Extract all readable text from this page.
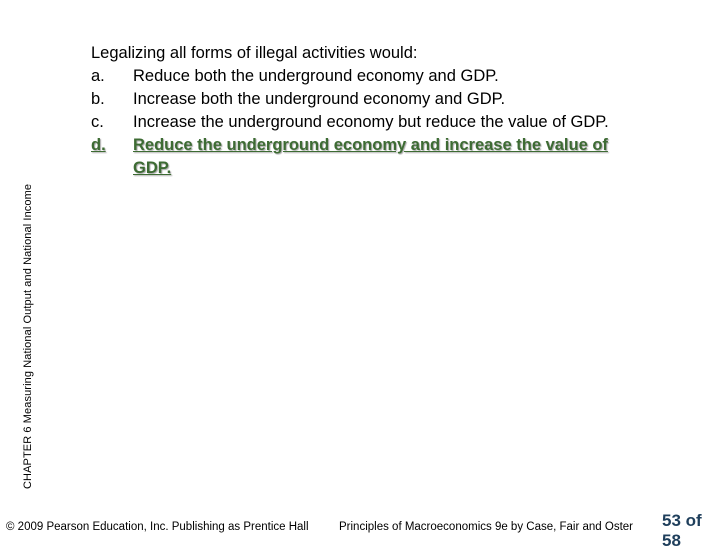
CHAPTER 6 Measuring National Output and National Income

Legalizing all forms of illegal activities would:

a.	Reduce both the underground economy and GDP.
b.	Increase both the underground economy and GDP.
c.	Increase the underground economy but reduce the value of GDP.
d.	Reduce the underground economy and increase the value of GDP.
© 2009 Pearson Education, Inc. Publishing as Prentice Hall	Principles of Macroeconomics 9e by Case, Fair and Oster 53 of 58
